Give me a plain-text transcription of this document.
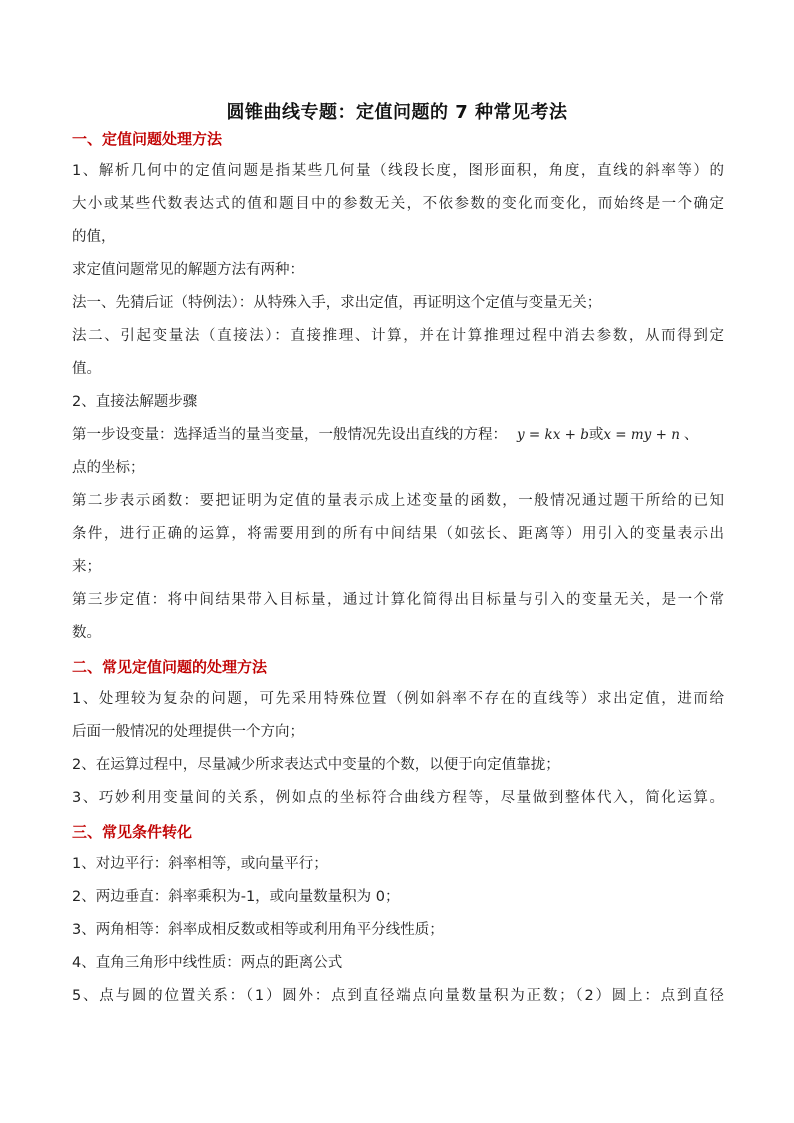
圆锥曲线专题：定值问题的 7 种常见考法
一、定值问题处理方法
1、解析几何中的定值问题是指某些几何量（线段长度，图形面积，角度，直线的斜率等）的
大小或某些代数表达式的值和题目中的参数无关，不依参数的变化而变化，而始终是一个确定
的值，
求定值问题常见的解题方法有两种：
法一、先猜后证（特例法）：从特殊入手，求出定值，再证明这个定值与变量无关；
法二、引起变量法（直接法）：直接推理、计算，并在计算推理过程中消去参数，从而得到定
值。
2、直接法解题步骤
第一步设变量：选择适当的量当变量，一般情况先设出直线的方程： y = kx + b或x = my + n 、
点的坐标；
第二步表示函数：要把证明为定值的量表示成上述变量的函数，一般情况通过题干所给的已知
条件，进行正确的运算，将需要用到的所有中间结果（如弦长、距离等）用引入的变量表示出
来；
第三步定值：将中间结果带入目标量，通过计算化简得出目标量与引入的变量无关，是一个常
数。
二、常见定值问题的处理方法
1、处理较为复杂的问题，可先采用特殊位置（例如斜率不存在的直线等）求出定值，进而给
后面一般情况的处理提供一个方向；
2、在运算过程中，尽量减少所求表达式中变量的个数，以便于向定值靠拢；
3、巧妙利用变量间的关系，例如点的坐标符合曲线方程等，尽量做到整体代入，简化运算。
三、常见条件转化
1、对边平行：斜率相等，或向量平行；
2、两边垂直：斜率乘积为-1，或向量数量积为 0；
3、两角相等：斜率成相反数或相等或利用角平分线性质；
4、直角三角形中线性质：两点的距离公式
5、点与圆的位置关系：（1）圆外：点到直径端点向量数量积为正数；（2）圆上：点到直径
